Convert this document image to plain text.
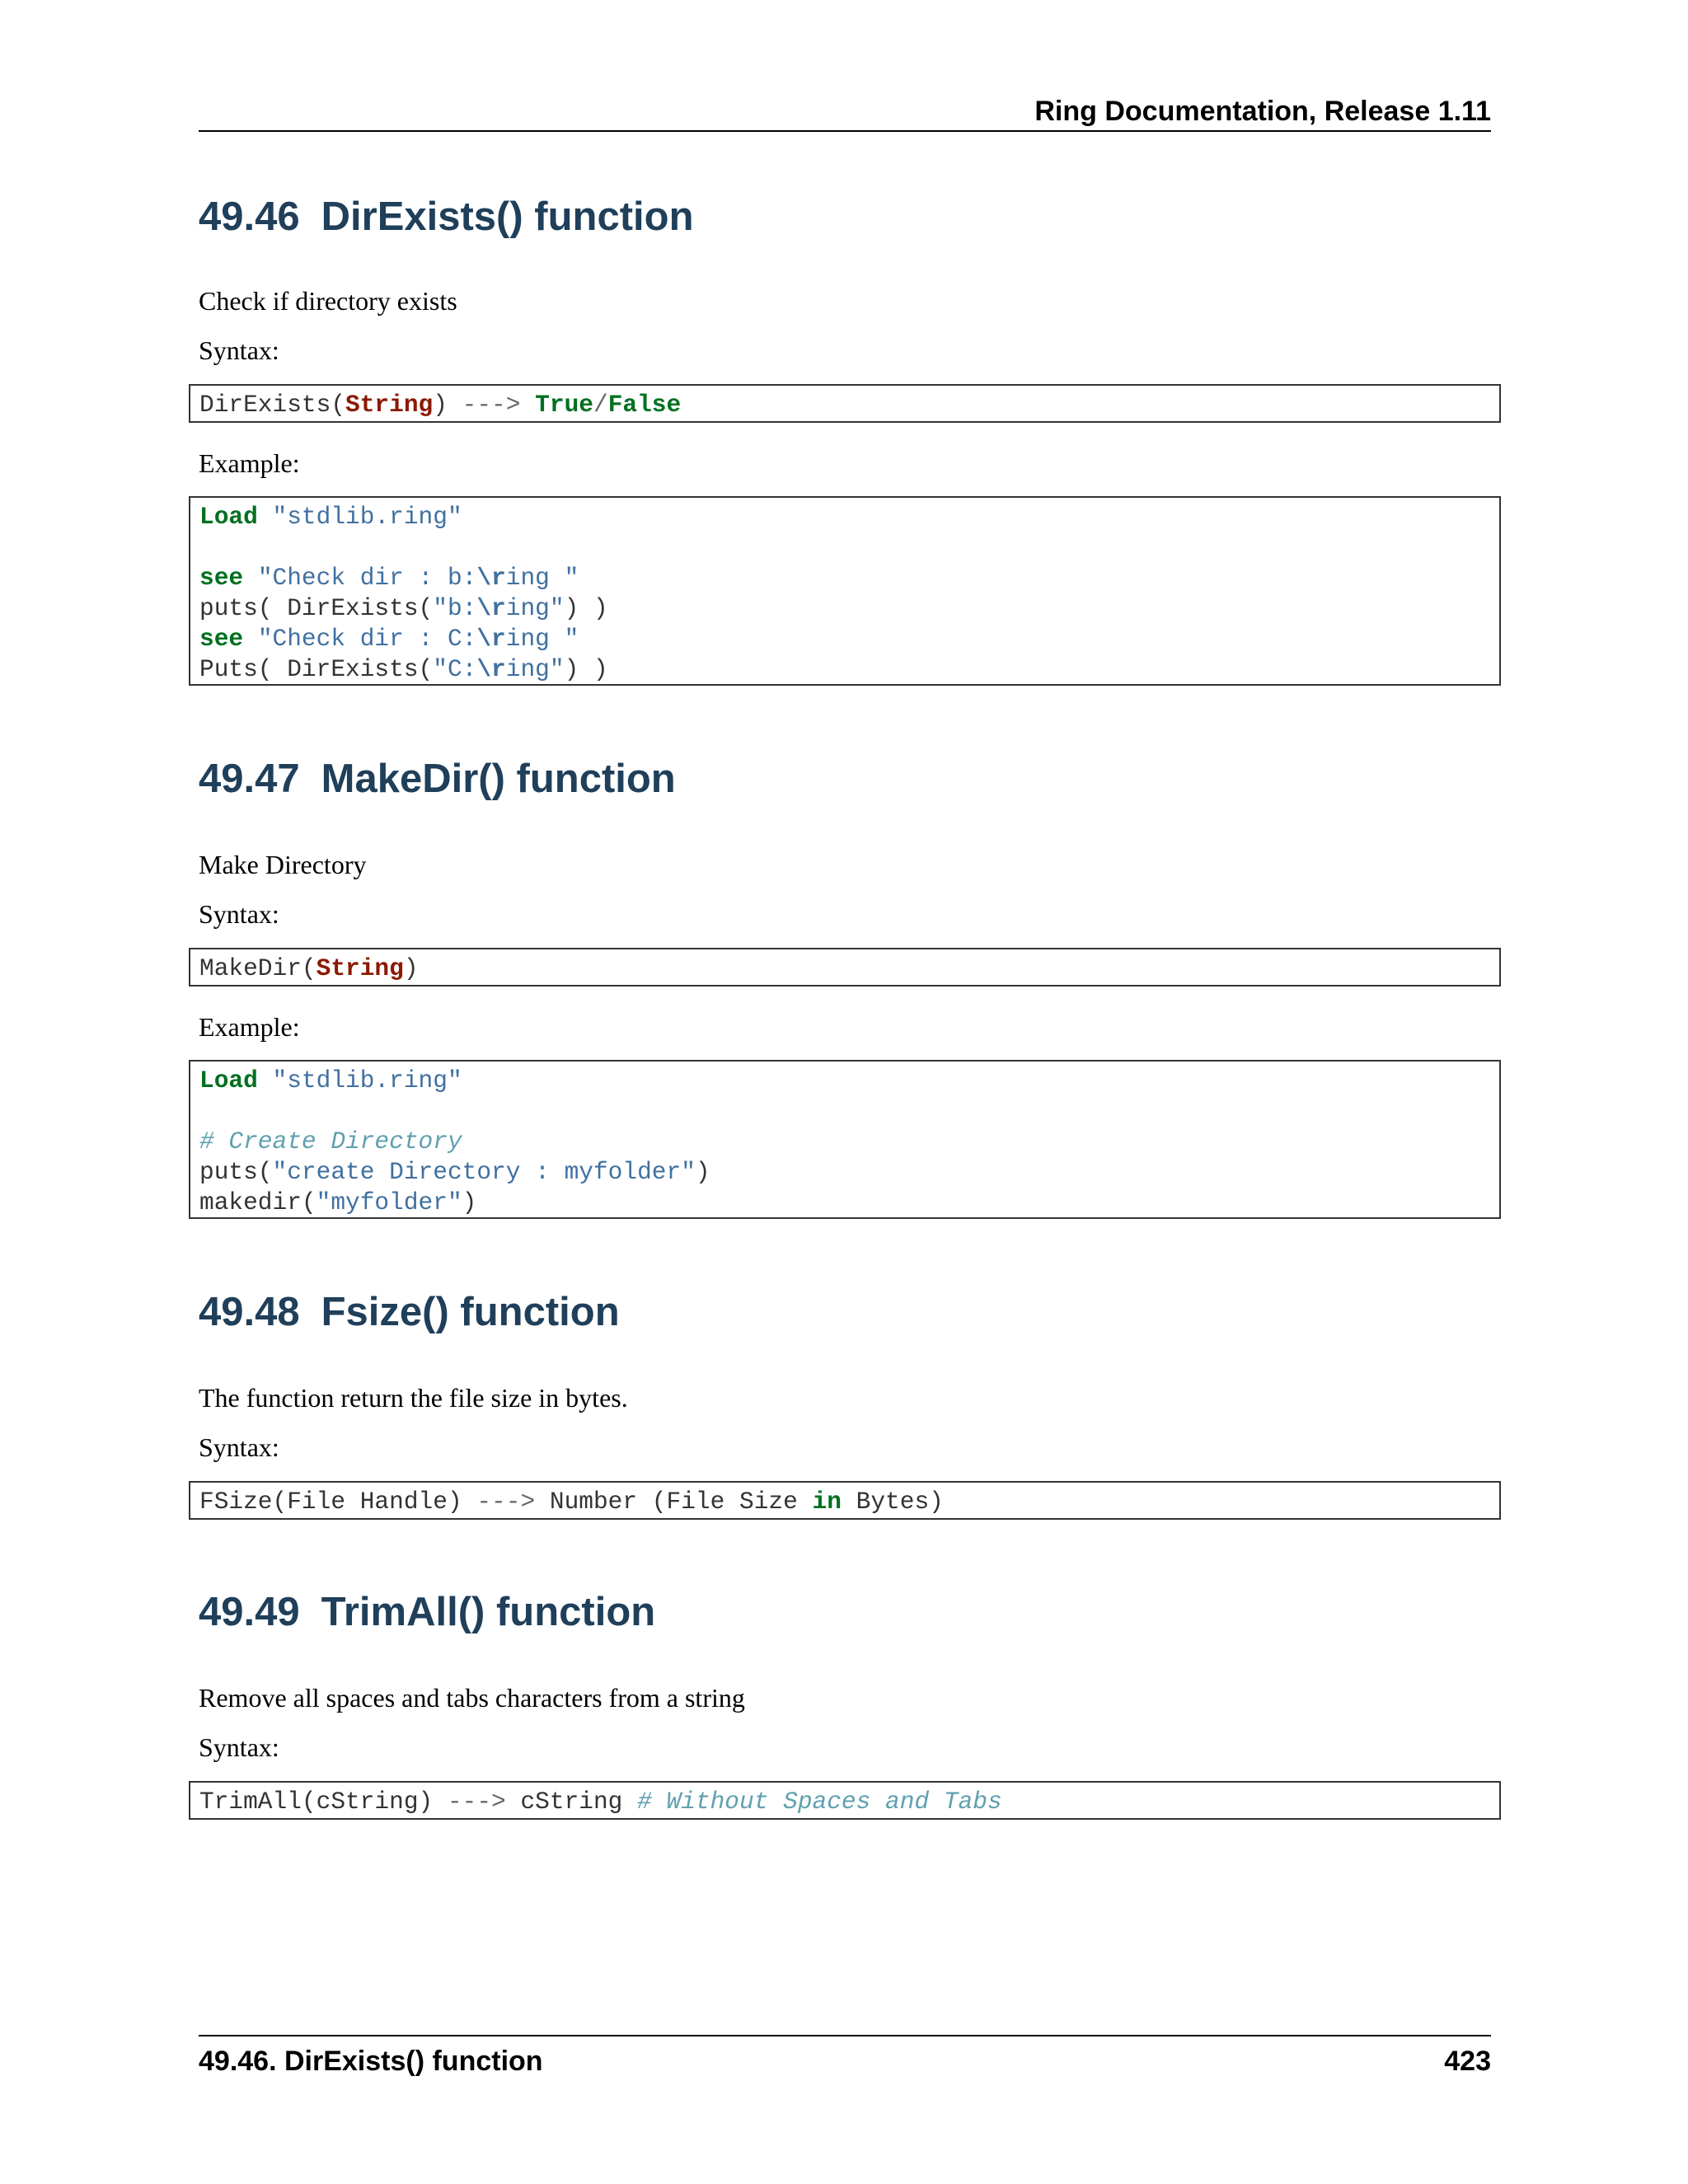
Ring Documentation, Release 1.11
49.46 DirExists() function

Check if directory exists

Syntax:

DirExists(String) ---> True/False

Example:

Load "stdlib.ring"
see "Check dir : b:\ring "
puts( DirExists("b:\ring") )
see "Check dir : C:\ring "
Puts( DirExists("C:\ring") )
49.47 MakeDir() function

Make Directory

Syntax:

MakeDir(String)

Example:

Load "stdlib.ring"
# Create Directory
puts("create Directory : myfolder")
makedir("myfolder")
49.48 Fsize() function

The function return the file size in bytes.

Syntax:

FSize(File Handle) ---> Number (File Size in Bytes)
49.49 TrimAll() function

Remove all spaces and tabs characters from a string

Syntax:

TrimAll(cString) ---> cString # Without Spaces and Tabs
49.46. DirExists() function	423
